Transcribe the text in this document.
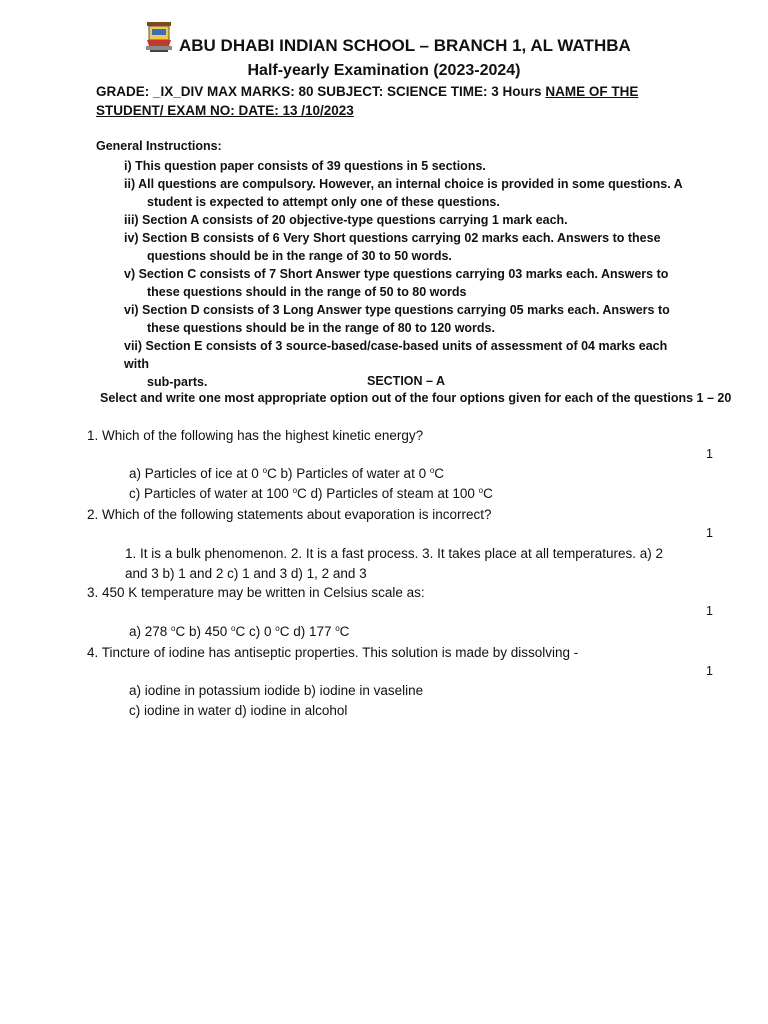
ABU DHABI INDIAN SCHOOL – BRANCH 1, AL WATHBA
Half-yearly Examination (2023-2024)
GRADE: _IX_DIV MAX MARKS: 80 SUBJECT: SCIENCE TIME: 3 Hours NAME OF THE
STUDENT/ EXAM NO: DATE: 13 /10/2023
General Instructions:
i) This question paper consists of 39 questions in 5 sections.
ii) All questions are compulsory. However, an internal choice is provided in some questions. A
student is expected to attempt only one of these questions.
iii) Section A consists of 20 objective-type questions carrying 1 mark each.
iv) Section B consists of 6 Very Short questions carrying 02 marks each. Answers to these
questions should be in the range of 30 to 50 words.
v) Section C consists of 7 Short Answer type questions carrying 03 marks each. Answers to
these questions should in the range of 50 to 80 words
vi) Section D consists of 3 Long Answer type questions carrying 05 marks each. Answers to
these questions should be in the range of 80 to 120 words.
vii) Section E consists of 3 source-based/case-based units of assessment of 04 marks each with
sub-parts.	SECTION – A
Select and write one most appropriate option out of the four options given for each of the questions 1 – 20
1. Which of the following has the highest kinetic energy?
1
a) Particles of ice at 0 $^o$C b) Particles of water at 0 $^o$C
c) Particles of water at 100 $^o$C d) Particles of steam at 100 $^o$C
2. Which of the following statements about evaporation is incorrect?
1
1. It is a bulk phenomenon. 2. It is a fast process. 3. It takes place at all temperatures. a) 2 and 3 b) 1 and 2 c) 1 and 3 d) 1, 2 and 3
3. 450 K temperature may be written in Celsius scale as:
1
a) 278 $^o$C b) 450 $^o$C c) 0 $^o$C d) 177 $^o$C
4. Tincture of iodine has antiseptic properties. This solution is made by dissolving -
1
a) iodine in potassium iodide b) iodine in vaseline
c) iodine in water d) iodine in alcohol
